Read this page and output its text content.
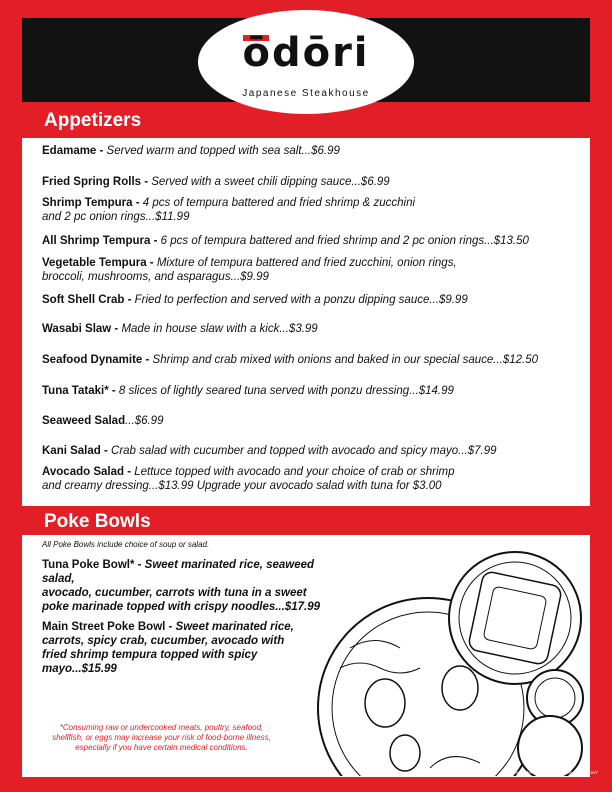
ōdōri
Japanese Steakhouse
Appetizers
Edamame - Served warm and topped with sea salt...$6.99
Fried Spring Rolls - Served with a sweet chili dipping sauce...$6.99
Shrimp Tempura - 4 pcs of tempura battered and fried shrimp & zucchini
and 2 pc onion rings...$11.99
All Shrimp Tempura - 6 pcs of tempura battered and fried shrimp and 2 pc onion rings...$13.50
Vegetable Tempura - Mixture of tempura battered and fried zucchini, onion rings,
broccoli, mushrooms, and asparagus...$9.99
Soft Shell Crab - Fried to perfection and served with a ponzu dipping sauce...$9.99
Wasabi Slaw - Made in house slaw with a kick...$3.99
Seafood Dynamite - Shrimp and crab mixed with onions and baked in our special sauce...$12.50
Tuna Tataki* - 8 slices of lightly seared tuna served with ponzu dressing...$14.99
Seaweed Salad...$6.99
Kani Salad - Crab salad with cucumber and topped with avocado and spicy mayo...$7.99
Avocado Salad - Lettuce topped with avocado and your choice of crab or shrimp
and creamy dressing...$13.99 Upgrade your avocado salad with tuna for $3.00
Poke Bowls
All Poke Bowls include choice of soup or salad.
Tuna Poke Bowl* - Sweet marinated rice, seaweed salad,
avocado, cucumber, carrots with tuna in a sweet
poke marinade topped with crispy noodles...$17.99
Main Street Poke Bowl - Sweet marinated rice,
carrots, spicy crab, cucumber, avocado with
fried shrimp tempura topped with spicy
mayo...$15.99
*Consuming raw or undercooked meats, poultry, seafood,
shellfish, or eggs may increase your risk of food-borne illness,
especially if you have certain medical conditions.
Appetizer-Poke Bowls-Lunch Bowls ® 2025 rev7
